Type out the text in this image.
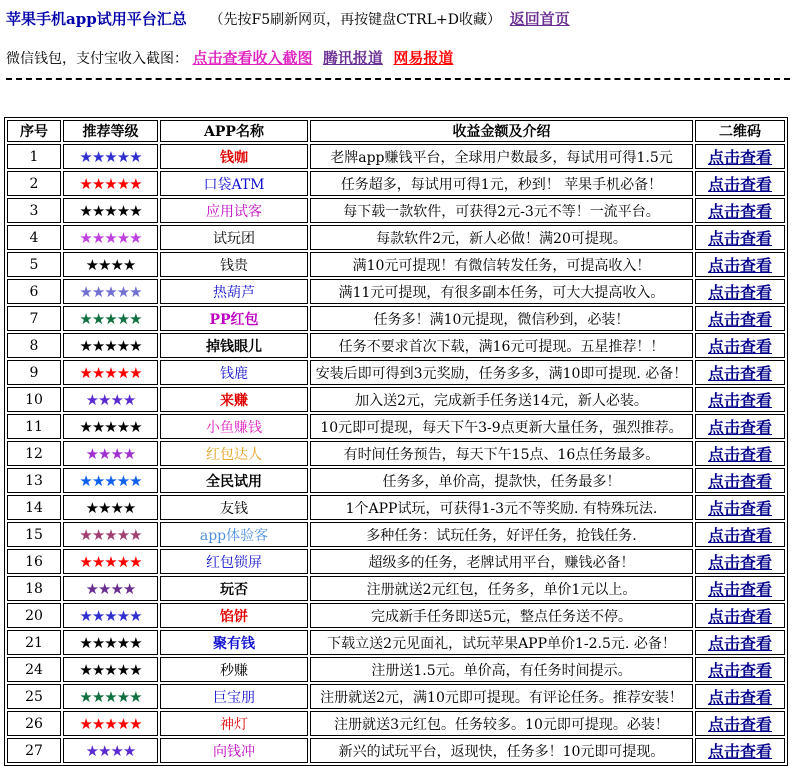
苹果手机app试用平台汇总 （先按F5刷新网页，再按键盘CTRL+D收藏） 返回首页
微信钱包，支付宝收入截图： 点击查看收入截图 腾讯报道 网易报道
序号	推荐等级	APP名称	收益金额及介绍	二维码
1	★★★★★	钱咖	老牌app赚钱平台，全球用户数最多，每试用可得1.5元	点击查看
2	★★★★★	口袋ATM	任务超多，每试用可得1元，秒到！ 苹果手机必备！	点击查看
3	★★★★★	应用试客	每下载一款软件，可获得2元-3元不等！一流平台。	点击查看
4	★★★★★	试玩团	每款软件2元，新人必做！满20可提现。	点击查看
5	★★★★	钱贵	满10元可提现！有微信转发任务，可提高收入！	点击查看
6	★★★★★	热葫芦	满11元可提现，有很多副本任务，可大大提高收入。	点击查看
7	★★★★★	PP红包	任务多！满10元提现，微信秒到，必装！	点击查看
8	★★★★★	掉钱眼儿	任务不要求首次下载，满16元可提现。五星推荐！！	点击查看
9	★★★★★	钱鹿	安装后即可得到3元奖励，任务多多，满10即可提现. 必备！	点击查看
10	★★★★	来赚	加入送2元，完成新手任务送14元，新人必装。	点击查看
11	★★★★★	小鱼赚钱	10元即可提现，每天下午3-9点更新大量任务，强烈推荐。	点击查看
12	★★★★	红包达人	有时间任务预告，每天下午15点、16点任务最多。	点击查看
13	★★★★★	全民试用	任务多，单价高，提款快，任务最多！	点击查看
14	★★★★	友钱	1个APP试玩，可获得1-3元不等奖励. 有特殊玩法.	点击查看
15	★★★★★	app体验客	多种任务：试玩任务，好评任务，抢钱任务.	点击查看
16	★★★★★	红包锁屏	超级多的任务，老牌试用平台，赚钱必备！	点击查看
18	★★★★	玩否	注册就送2元红包，任务多，单价1元以上。	点击查看
20	★★★★★	馅饼	完成新手任务即送5元，整点任务送不停。	点击查看
21	★★★★★	聚有钱	下载立送2元见面礼，试玩苹果APP单价1-2.5元. 必备！	点击查看
24	★★★★★	秒赚	注册送1.5元。单价高，有任务时间提示。	点击查看
25	★★★★★	巨宝朋	注册就送2元，满10元即可提现。有评论任务。推荐安装！	点击查看
26	★★★★★	神灯	注册就送3元红包。任务较多。10元即可提现。必装！	点击查看
27	★★★★	向钱冲	新兴的试玩平台，返现快，任务多！10元即可提现。	点击查看
